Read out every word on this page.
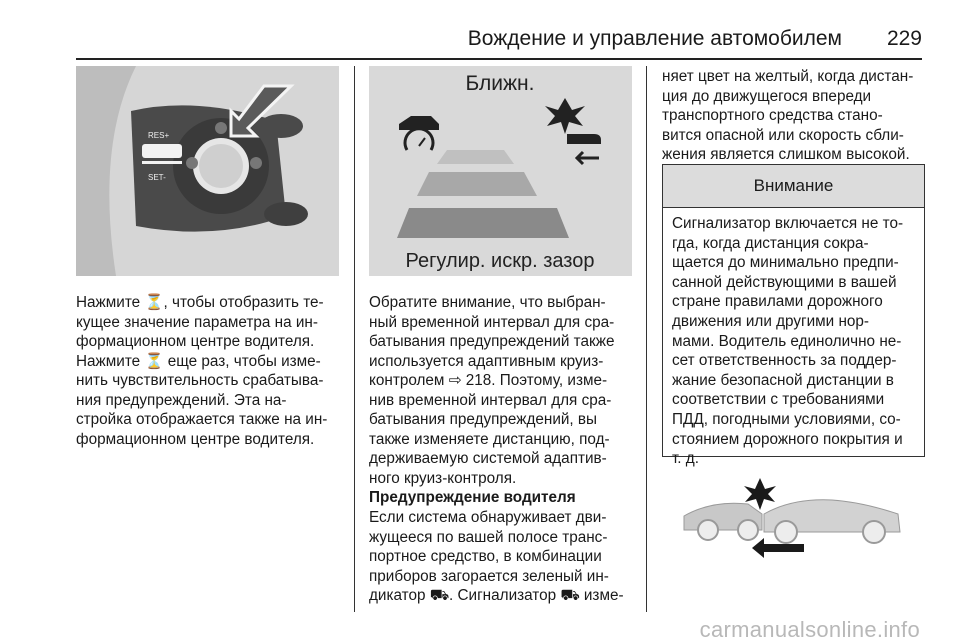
Вождение и управление автомобилем 229
RES+
SET-

Нажмите ⏳, чтобы отобразить те-
кущее значение параметра на ин-
формационном центре водителя.
Нажмите ⏳ еще раз, чтобы изме-
нить чувствительность срабатыва-
ния предупреждений. Эта на-
стройка отображается также на ин-
формационном центре водителя.

Ближн.
Регулир. искр. зазор

Обратите внимание, что выбран-
ный временной интервал для сра-
батывания предупреждений также
используется адаптивным круиз-
контролем ⇨ 218. Поэтому, изме-
нив временной интервал для сра-
батывания предупреждений, вы
также изменяете дистанцию, под-
держиваемую системой адаптив-
ного круиз-контроля.

Предупреждение водителя

Если система обнаруживает дви-
жущееся по вашей полосе транс-
портное средство, в комбинации
приборов загорается зеленый ин-
дикатор ⛟. Сигнализатор ⛟ изме-

няет цвет на желтый, когда дистан-
ция до движущегося впереди
транспортного средства стано-
вится опасной или скорость сбли-
жения является слишком высокой.

Внимание

Сигнализатор включается не то-
гда, когда дистанция сокра-
щается до минимально предпи-
санной действующими в вашей
стране правилами дорожного
движения или другими нор-
мами. Водитель единолично не-
сет ответственность за поддер-
жание безопасной дистанции в
соответствии с требованиями
ПДД, погодными условиями, со-
стоянием дорожного покрытия и
т. д.

carmanualsonline.info
